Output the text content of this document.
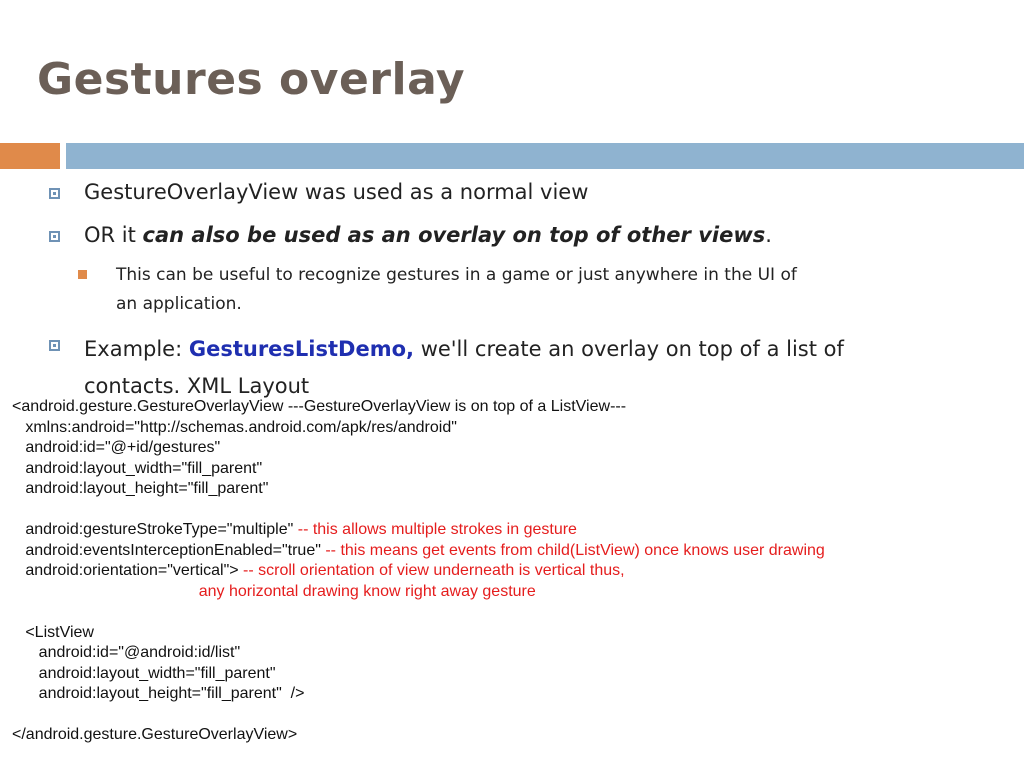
Gestures overlay
GestureOverlayView was used as a normal view
OR it can also be used as an overlay on top of other views.
This can be useful to recognize gestures in a game or just anywhere in the UI of
an application.
Example: GesturesListDemo, we'll create an overlay on top of a list of
contacts. XML Layout
<android.gesture.GestureOverlayView ---GestureOverlayView is on top of a ListView---
xmlns:android="http://schemas.android.com/apk/res/android"
android:id="@+id/gestures"
android:layout_width="fill_parent"
android:layout_height="fill_parent"

android:gestureStrokeType="multiple" -- this allows multiple strokes in gesture
android:eventsInterceptionEnabled="true" -- this means get events from child(ListView) once knows user drawing
android:orientation="vertical"> -- scroll orientation of view underneath is vertical thus,
any horizontal drawing know right away gesture

<ListView
android:id="@android:id/list"
android:layout_width="fill_parent"
android:layout_height="fill_parent"  />

</android.gesture.GestureOverlayView>
